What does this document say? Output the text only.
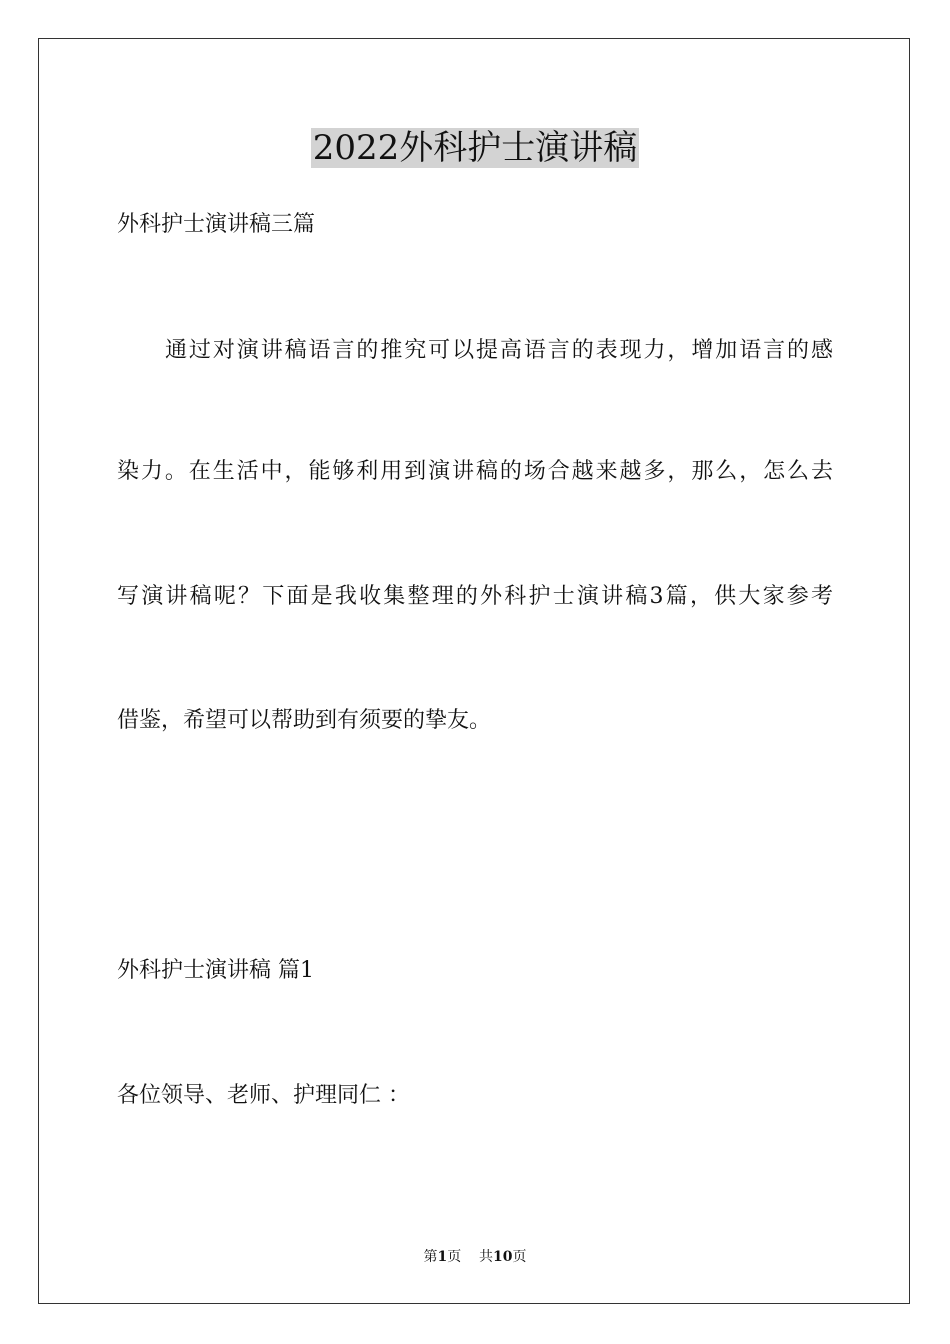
2022外科护士演讲稿
外科护士演讲稿三篇
通过对演讲稿语言的推究可以提高语言的表现力，增加语言的感
染力。在生活中，能够利用到演讲稿的场合越来越多，那么，怎么去
写演讲稿呢？下面是我收集整理的外科护士演讲稿3篇，供大家参考
借鉴，希望可以帮助到有须要的挚友。
外科护士演讲稿 篇1
各位领导、老师、护理同仁 ：
第1页 共10页
